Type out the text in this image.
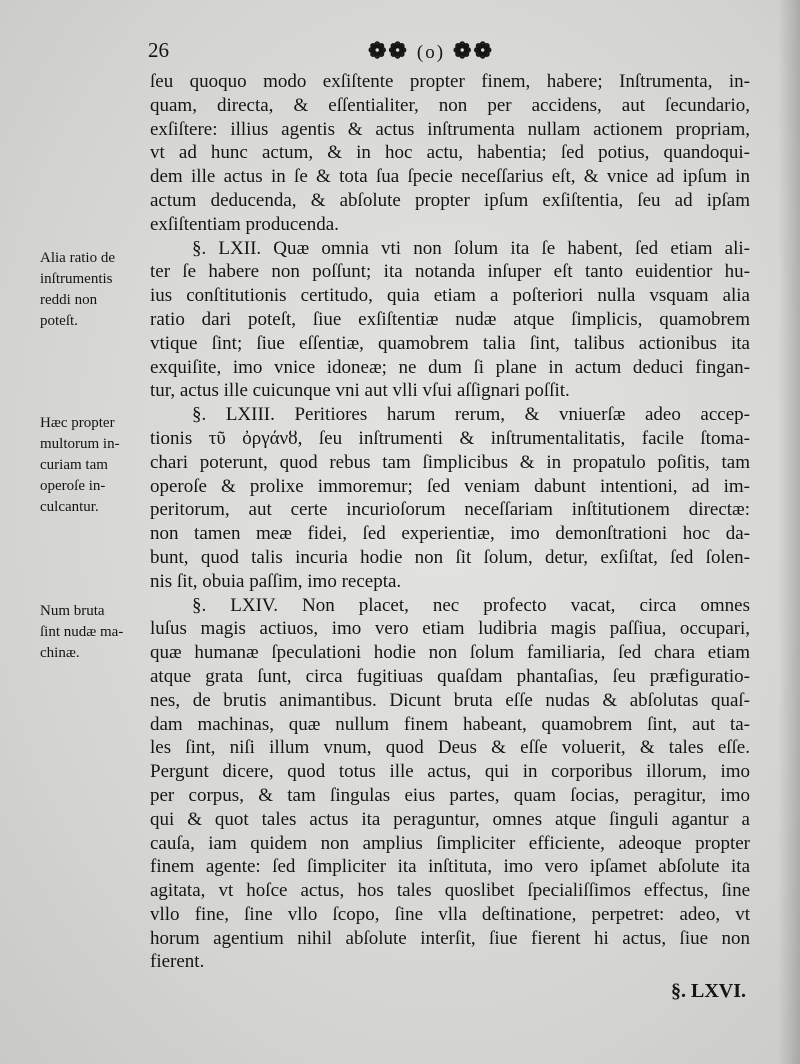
26	❁❁ (o) ❁❁
ſeu quoquo modo exſiſtente propter finem, habere; Inſtrumenta, in-
quam, directa, & eſſentialiter, non per accidens, aut ſecundario,
exſiſtere: illius agentis & actus inſtrumenta nullam actionem propriam,
vt ad hunc actum, & in hoc actu, habentia; ſed potius, quandoqui-
dem ille actus in ſe & tota ſua ſpecie neceſſarius eſt, & vnice ad ipſum in
actum deducenda, & abſolute propter ipſum exſiſtentia, ſeu ad ipſam
exſiſtentiam producenda.
§. LXII. Quæ omnia vti non ſolum ita ſe habent, ſed etiam ali-
ter ſe habere non poſſunt; ita notanda inſuper eſt tanto euidentior hu-
ius conſtitutionis certitudo, quia etiam a poſteriori nulla vsquam alia
ratio dari poteſt, ſiue exſiſtentiæ nudæ atque ſimplicis, quamobrem
vtique ſint; ſiue eſſentiæ, quamobrem talia ſint, talibus actionibus ita
exquiſite, imo vnice idoneæ; ne dum ſi plane in actum deduci fingan-
tur, actus ille cuicunque vni aut vlli vſui aſſignari poſſit.
§. LXIII. Peritiores harum rerum, & vniuerſæ adeo accep-
tionis τῦ ὀργάνȣ, ſeu inſtrumenti & inſtrumentalitatis, facile ſtoma-
chari poterunt, quod rebus tam ſimplicibus & in propatulo poſitis, tam
operoſe & prolixe immoremur; ſed veniam dabunt intentioni, ad im-
peritorum, aut certe incurioſorum neceſſariam inſtitutionem directæ:
non tamen meæ fidei, ſed experientiæ, imo demonſtrationi hoc da-
bunt, quod talis incuria hodie non ſit ſolum, detur, exſiſtat, ſed ſolen-
nis ſit, obuia paſſim, imo recepta.
§. LXIV. Non placet, nec profecto vacat, circa omnes
luſus magis actiuos, imo vero etiam ludibria magis paſſiua, occupari,
quæ humanæ ſpeculationi hodie non ſolum familiaria, ſed chara etiam
atque grata ſunt, circa fugitiuas quaſdam phantaſias, ſeu præfiguratio-
nes, de brutis animantibus. Dicunt bruta eſſe nudas & abſolutas quaſ-
dam machinas, quæ nullum finem habeant, quamobrem ſint, aut ta-
les ſint, niſi illum vnum, quod Deus & eſſe voluerit, & tales eſſe.
Pergunt dicere, quod totus ille actus, qui in corporibus illorum, imo
per corpus, & tam ſingulas eius partes, quam ſocias, peragitur, imo
qui & quot tales actus ita peraguntur, omnes atque ſinguli agantur a
cauſa, iam quidem non amplius ſimpliciter efficiente, adeoque propter
finem agente: ſed ſimpliciter ita inſtituta, imo vero ipſamet abſolute ita
agitata, vt hoſce actus, hos tales quoslibet ſpecialiſſimos effectus, ſine
vllo fine, ſine vllo ſcopo, ſine vlla deſtinatione, perpetret: adeo, vt
horum agentium nihil abſolute interſit, ſiue fierent hi actus, ſiue non
fierent.
Alia ratio de
inſtrumentis
reddi non
poteſt.
Hæc propter
multorum in-
curiam tam
operoſe in-
culcantur.
Num bruta
ſint nudæ ma-
chinæ.
§. LXVI.
